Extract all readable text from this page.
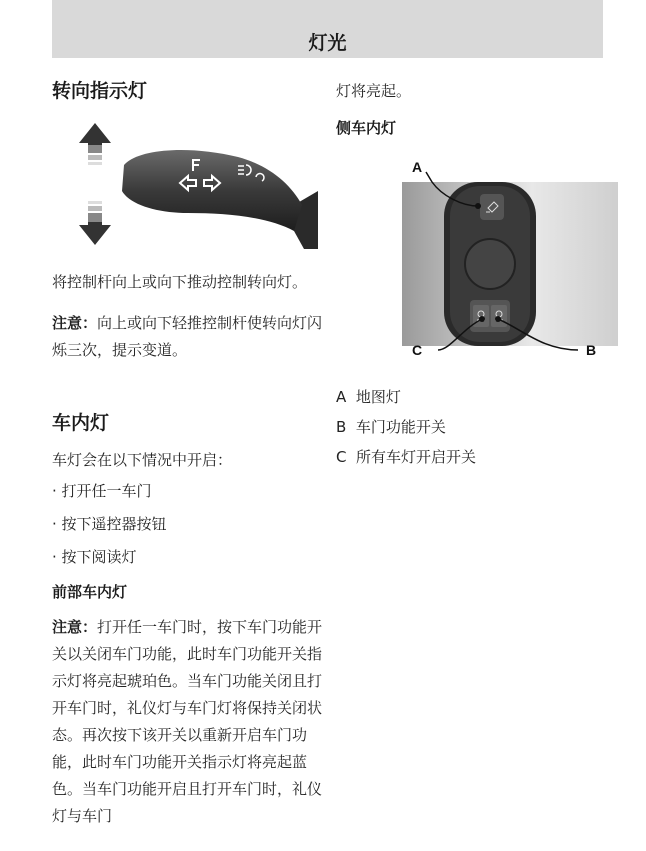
灯光
转向指示灯

将控制杆向上或向下推动控制转向灯。

注意：向上或向下轻推控制杆使转向灯闪烁三次，提示变道。

车内灯

车灯会在以下情况中开启：

· 打开任一车门

· 按下遥控器按钮

· 按下阅读灯

前部车内灯

注意：打开任一车门时，按下车门功能开关以关闭车门功能，此时车门功能开关指示灯将亮起琥珀色。当车门功能关闭且打开车门时，礼仪灯与车门灯将保持关闭状态。再次按下该开关以重新开启车门功能，此时车门功能开关指示灯将亮起蓝色。当车门功能开启且打开车门时，礼仪灯与车门

灯将亮起。

侧车内灯
A
C	B

A 地图灯

B 车门功能开关

C 所有车灯开启开关
